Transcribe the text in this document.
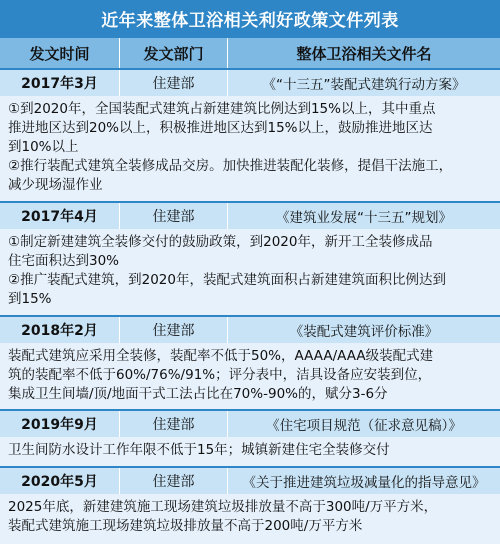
近年来整体卫浴相关利好政策文件列表
发文时间	发文部门	整体卫浴相关文件名
2017年3月	住建部	《“十三五”装配式建筑行动方案》
①到2020年，全国装配式建筑占新建建筑比例达到15%以上，其中重点
推进地区达到20%以上，积极推进地区达到15%以上，鼓励推进地区达
到10%以上
②推行装配式建筑全装修成品交房。加快推进装配化装修，提倡干法施工，
减少现场湿作业
2017年4月	住建部	《建筑业发展“十三五”规划》
①制定新建建筑全装修交付的鼓励政策，到2020年，新开工全装修成品
住宅面积达到30%
②推广装配式建筑，到2020年，装配式建筑面积占新建建筑面积比例达到
到15%
2018年2月	住建部	《装配式建筑评价标准》
装配式建筑应采用全装修，装配率不低于50%，AAAA/AAA级装配式建
筑的装配率不低于60%/76%/91%；评分表中，洁具设备应安装到位，
集成卫生间墙/顶/地面干式工法占比在70%-90%的，赋分3-6分
2019年9月	住建部	《住宅项目规范（征求意见稿）》
卫生间防水设计工作年限不低于15年；城镇新建住宅全装修交付
2020年5月	住建部	《关于推进建筑垃圾减量化的指导意见》
2025年底，新建建筑施工现场建筑垃圾排放量不高于300吨/万平方米，
装配式建筑施工现场建筑垃圾排放量不高于200吨/万平方米
